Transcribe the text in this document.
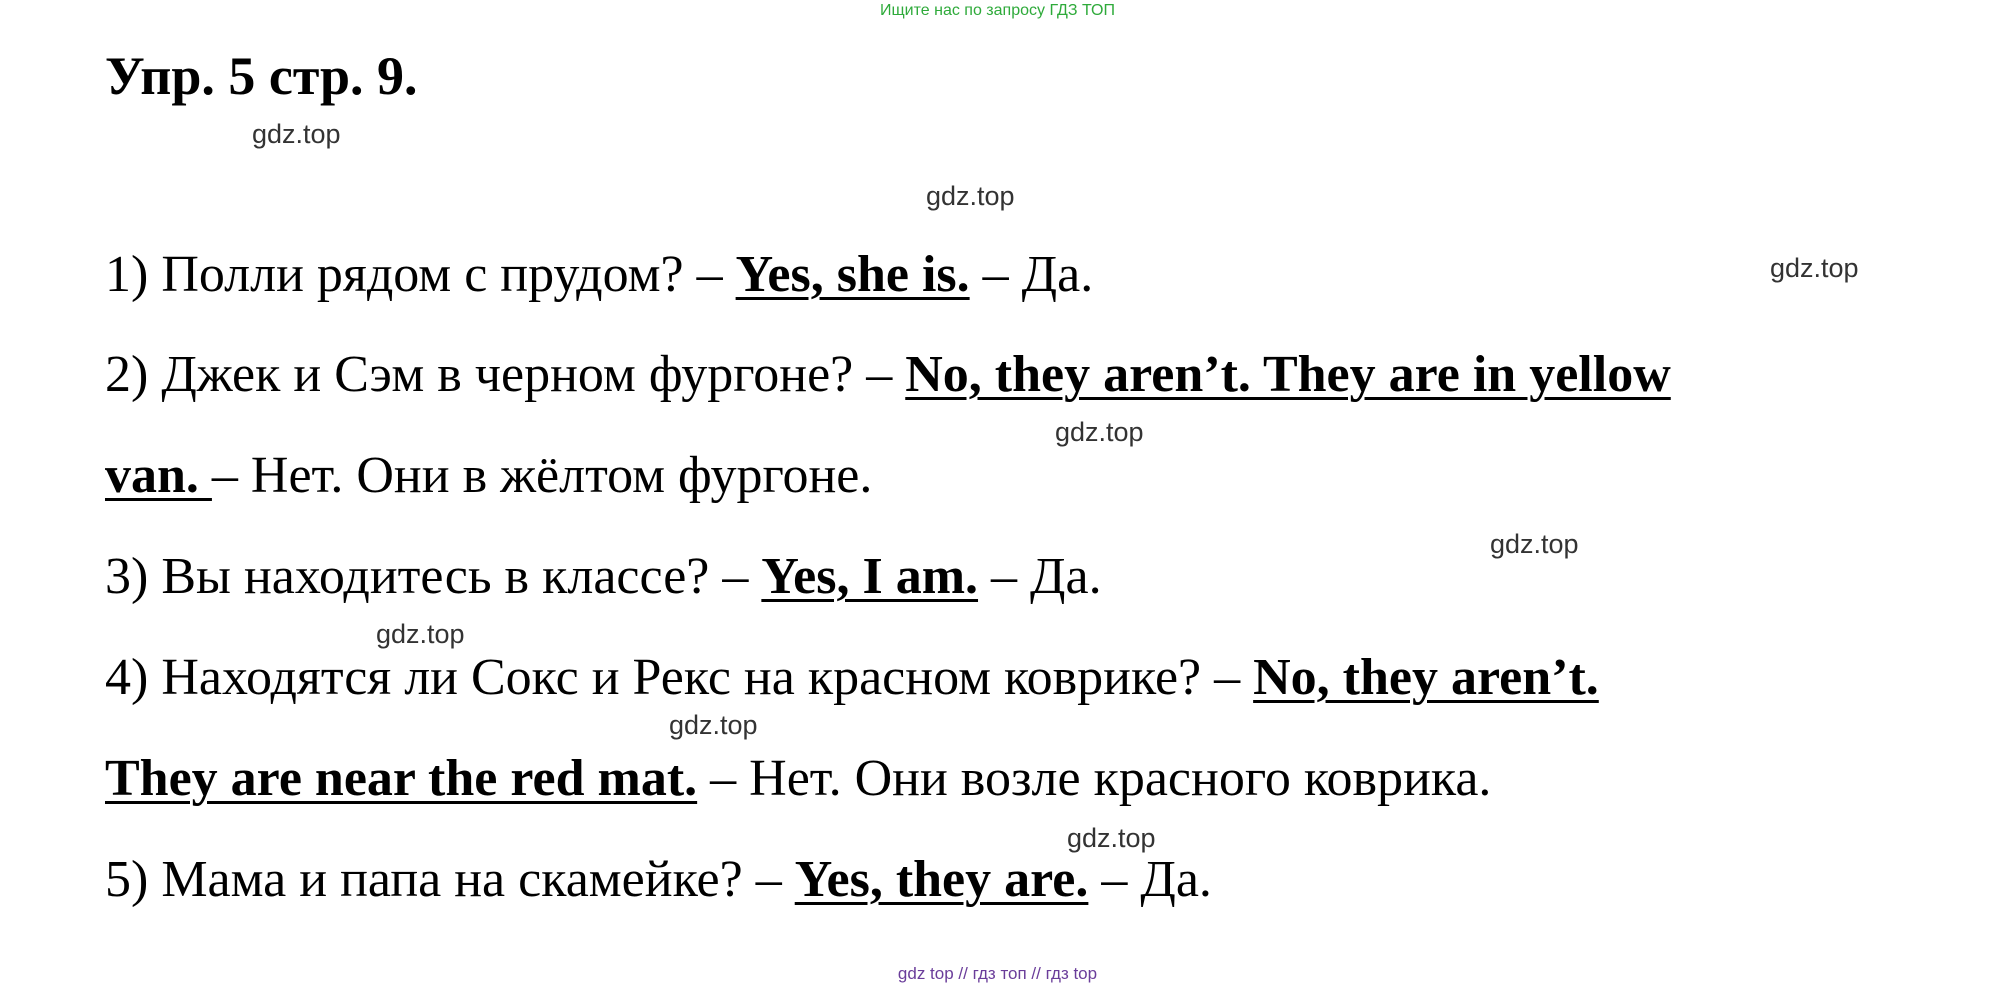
Ищите нас по запросу ГДЗ ТОП
Упр. 5 стр. 9.
1) Полли рядом с прудом? – Yes, she is. – Да.
2) Джек и Сэм в черном фургоне? – No, they aren’t. They are in yellow
van. – Нет. Они в жёлтом фургоне.
3) Вы находитесь в классе? – Yes, I am. – Да.
4) Находятся ли Сокс и Рекс на красном коврике? – No, they aren’t.
They are near the red mat. – Нет. Они возле красного коврика.
5) Мама и папа на скамейке? – Yes, they are. – Да.
gdz.top
gdz.top
gdz.top
gdz.top
gdz.top
gdz.top
gdz.top
gdz.top
gdz top // гдз топ // гдз top
